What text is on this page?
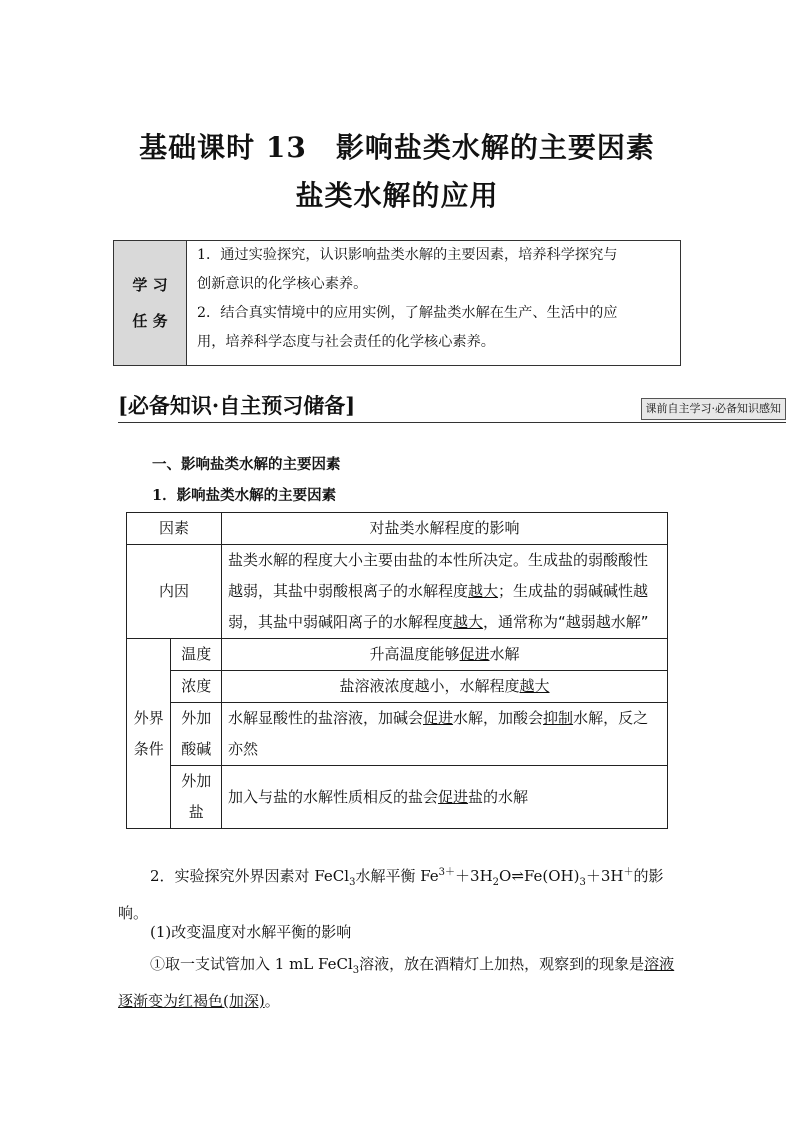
基础课时 13　影响盐类水解的主要因素
盐类水解的应用
学 习
任 务

1．通过实验探究，认识影响盐类水解的主要因素，培养科学探究与

创新意识的化学核心素养。

2．结合真实情境中的应用实例，了解盐类水解在生产、生活中的应

用，培养科学态度与社会责任的化学核心素养。

[必备知识·自主预习储备]	课前自主学习·必备知识感知
一、影响盐类水解的主要因素
1．影响盐类水解的主要因素
因素		对盐类水解程度的影响
内因		盐类水解的程度大小主要由盐的本性所决定。生成盐的弱酸酸性越弱，其盐中弱酸根离子的水解程度越大；生成盐的弱碱碱性越弱，其盐中弱碱阳离子的水解程度越大，通常称为“越弱越水解”
外界条件	温度	升高温度能够促进水解
	浓度	盐溶液浓度越小，水解程度越大
	外加酸碱	水解显酸性的盐溶液，加碱会促进水解，加酸会抑制水解，反之亦然
	外加盐	加入与盐的水解性质相反的盐会促进盐的水解
2．实验探究外界因素对 FeCl$_3$水解平衡 $Fe^{3+}+3H_2O\rightleftharpoons Fe(OH)_3+3H^+$的影响。
(1)改变温度对水解平衡的影响
①取一支试管加入 1 mL FeCl$_3$溶液，放在酒精灯上加热，观察到的现象是溶液逐渐变为红褐色(加深)。
